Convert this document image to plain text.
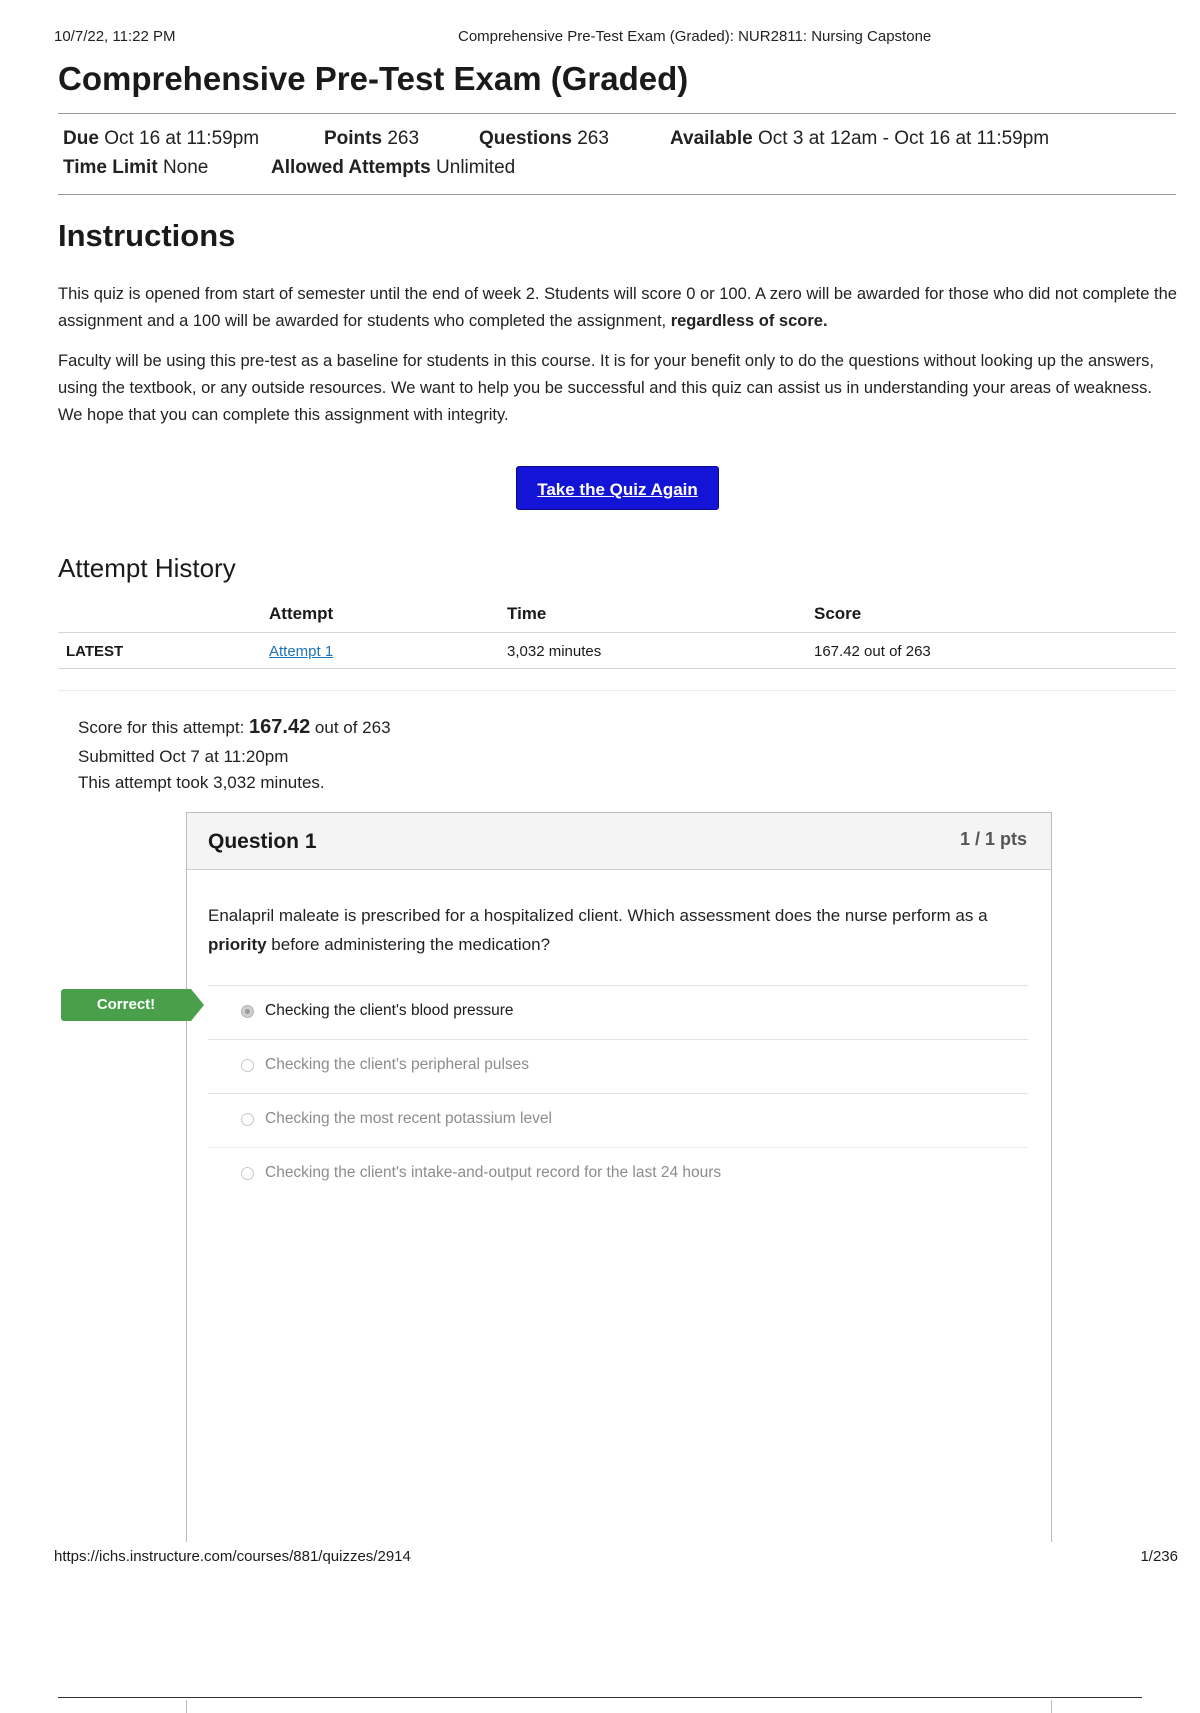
10/7/22, 11:22 PM	Comprehensive Pre-Test Exam (Graded): NUR2811: Nursing Capstone
Comprehensive Pre-Test Exam (Graded)
Due Oct 16 at 11:59pm	Points 263	Questions 263	Available Oct 3 at 12am - Oct 16 at 11:59pm
Time Limit None	Allowed Attempts Unlimited
Instructions

This quiz is opened from start of semester until the end of week 2. Students will score 0 or 100. A zero will be awarded for those who did not complete the assignment and a 100 will be awarded for students who completed the assignment, regardless of score.

Faculty will be using this pre-test as a baseline for students in this course. It is for your benefit only to do the questions without looking up the answers, using the textbook, or any outside resources. We want to help you be successful and this quiz can assist us in understanding your areas of weakness. We hope that you can complete this assignment with integrity.

Take the Quiz Again
Attempt History
Attempt	Time	Score
LATEST	Attempt 1	3,032 minutes	167.42 out of 263
Score for this attempt: 167.42 out of 263
Submitted Oct 7 at 11:20pm
This attempt took 3,032 minutes.
Question 1	1 / 1 pts

Enalapril maleate is prescribed for a hospitalized client. Which assessment does the nurse perform as a priority before administering the medication?

Checking the client's blood pressure
Checking the client's peripheral pulses
Checking the most recent potassium level
Checking the client's intake-and-output record for the last 24 hours
Correct!
https://ichs.instructure.com/courses/881/quizzes/2914	1/236
